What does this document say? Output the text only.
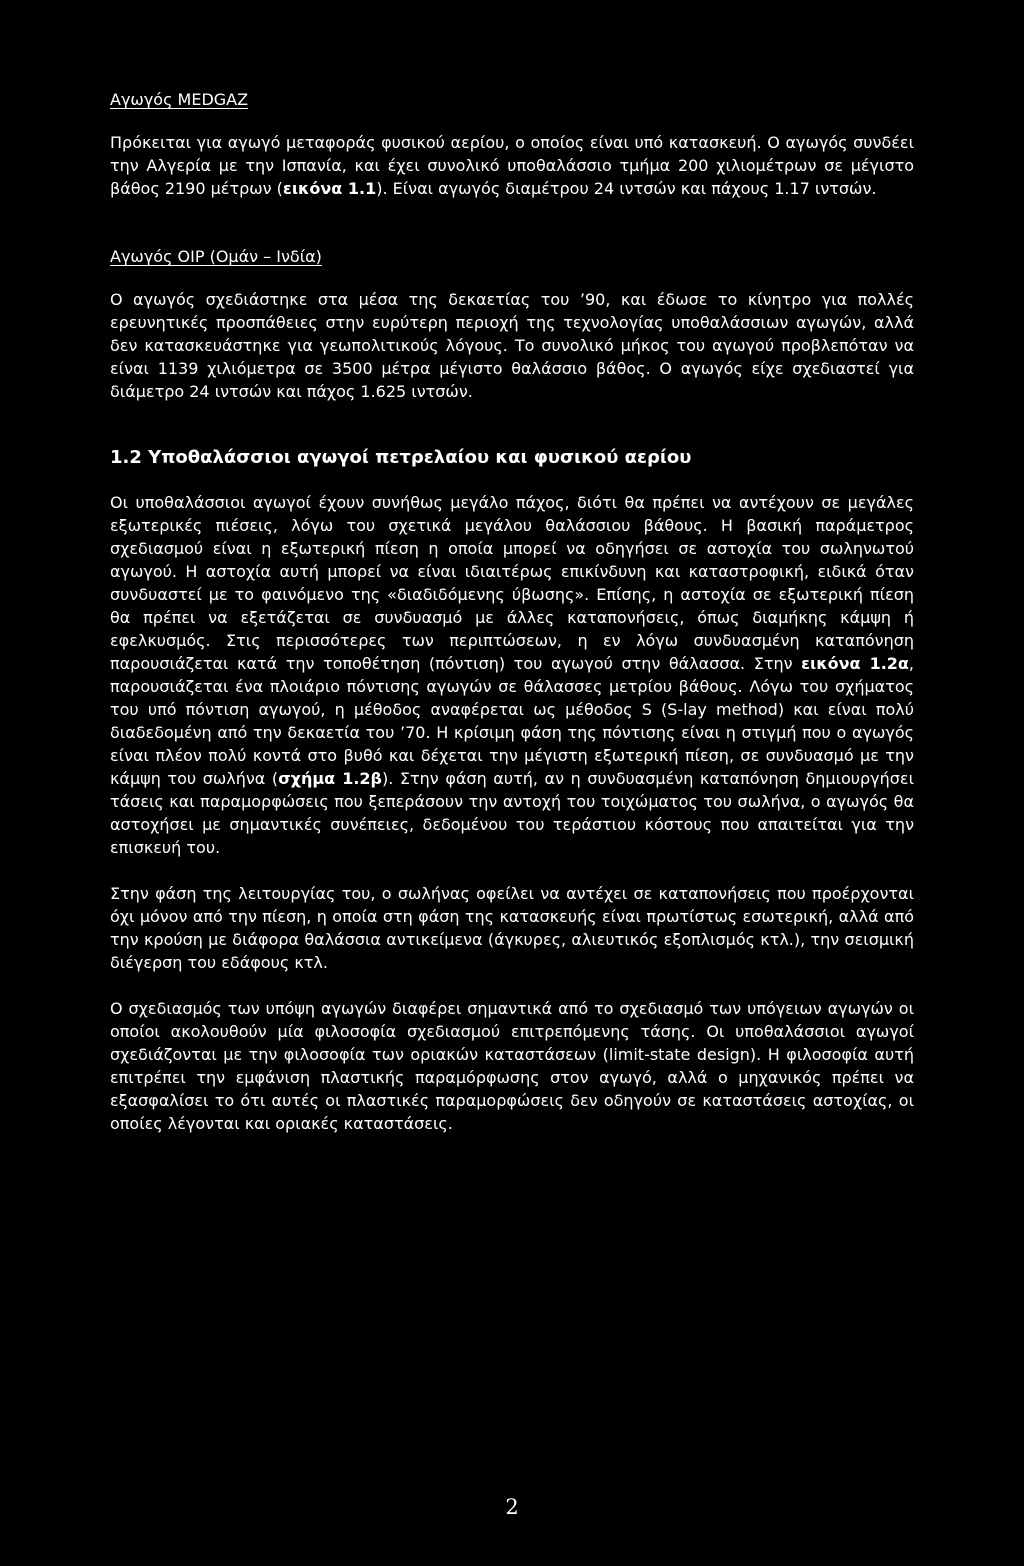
Αγωγός MEDGAZ

Πρόκειται για αγωγό μεταφοράς φυσικού αερίου, ο οποίος είναι υπό κατασκευή. Ο αγωγός συνδέει την Αλγερία με την Ισπανία, και έχει συνολικό υποθαλάσσιο τμήμα 200 χιλιομέτρων σε μέγιστο βάθος 2190 μέτρων (εικόνα 1.1). Είναι αγωγός διαμέτρου 24 ιντσών και πάχους 1.17 ιντσών.

Αγωγός OIP (Ομάν – Ινδία)

Ο αγωγός σχεδιάστηκε στα μέσα της δεκαετίας του ’90, και έδωσε το κίνητρο για πολλές ερευνητικές προσπάθειες στην ευρύτερη περιοχή της τεχνολογίας υποθαλάσσιων αγωγών, αλλά δεν κατασκευάστηκε για γεωπολιτικούς λόγους. Το συνολικό μήκος του αγωγού προβλεπόταν να είναι 1139 χιλιόμετρα σε 3500 μέτρα μέγιστο θαλάσσιο βάθος. Ο αγωγός είχε σχεδιαστεί για διάμετρο 24 ιντσών και πάχος 1.625 ιντσών.

1.2 Υποθαλάσσιοι αγωγοί πετρελαίου και φυσικού αερίου

Οι υποθαλάσσιοι αγωγοί έχουν συνήθως μεγάλο πάχος, διότι θα πρέπει να αντέχουν σε μεγάλες εξωτερικές πιέσεις, λόγω του σχετικά μεγάλου θαλάσσιου βάθους. Η βασική παράμετρος σχεδιασμού είναι η εξωτερική πίεση η οποία μπορεί να οδηγήσει σε αστοχία του σωληνωτού αγωγού. Η αστοχία αυτή μπορεί να είναι ιδιαιτέρως επικίνδυνη και καταστροφική, ειδικά όταν συνδυαστεί με το φαινόμενο της «διαδιδόμενης ύβωσης». Επίσης, η αστοχία σε εξωτερική πίεση θα πρέπει να εξετάζεται σε συνδυασμό με άλλες καταπονήσεις, όπως διαμήκης κάμψη ή εφελκυσμός. Στις περισσότερες των περιπτώσεων, η εν λόγω συνδυασμένη καταπόνηση παρουσιάζεται κατά την τοποθέτηση (πόντιση) του αγωγού στην θάλασσα. Στην εικόνα 1.2α, παρουσιάζεται ένα πλοιάριο πόντισης αγωγών σε θάλασσες μετρίου βάθους. Λόγω του σχήματος του υπό πόντιση αγωγού, η μέθοδος αναφέρεται ως μέθοδος S (S-lay method) και είναι πολύ διαδεδομένη από την δεκαετία του ’70. Η κρίσιμη φάση της πόντισης είναι η στιγμή που ο αγωγός είναι πλέον πολύ κοντά στο βυθό και δέχεται την μέγιστη εξωτερική πίεση, σε συνδυασμό με την κάμψη του σωλήνα (σχήμα 1.2β). Στην φάση αυτή, αν η συνδυασμένη καταπόνηση δημιουργήσει τάσεις και παραμορφώσεις που ξεπεράσουν την αντοχή του τοιχώματος του σωλήνα, ο αγωγός θα αστοχήσει με σημαντικές συνέπειες, δεδομένου του τεράστιου κόστους που απαιτείται για την επισκευή του.

Στην φάση της λειτουργίας του, ο σωλήνας οφείλει να αντέχει σε καταπονήσεις που προέρχονται όχι μόνον από την πίεση, η οποία στη φάση της κατασκευής είναι πρωτίστως εσωτερική, αλλά από την κρούση με διάφορα θαλάσσια αντικείμενα (άγκυρες, αλιευτικός εξοπλισμός κτλ.), την σεισμική διέγερση του εδάφους κτλ.

Ο σχεδιασμός των υπόψη αγωγών διαφέρει σημαντικά από το σχεδιασμό των υπόγειων αγωγών οι οποίοι ακολουθούν μία φιλοσοφία σχεδιασμού επιτρεπόμενης τάσης. Οι υποθαλάσσιοι αγωγοί σχεδιάζονται με την φιλοσοφία των οριακών καταστάσεων (limit-state design). Η φιλοσοφία αυτή επιτρέπει την εμφάνιση πλαστικής παραμόρφωσης στον αγωγό, αλλά ο μηχανικός πρέπει να εξασφαλίσει το ότι αυτές οι πλαστικές παραμορφώσεις δεν οδηγούν σε καταστάσεις αστοχίας, οι οποίες λέγονται και οριακές καταστάσεις.

2
